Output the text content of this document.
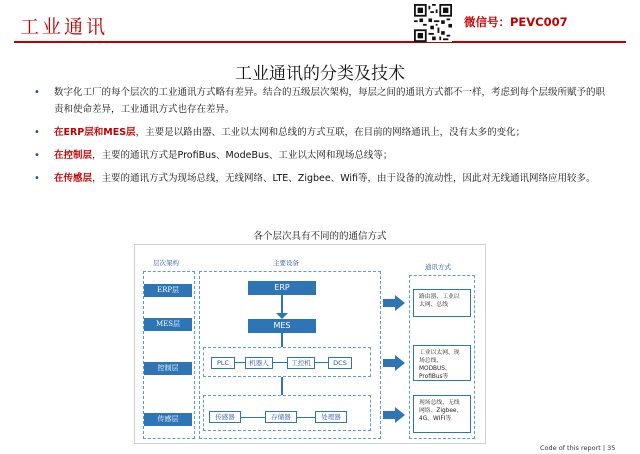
工业通讯	微信号：PEVC007
工业通讯的分类及技术
• 数字化工厂的每个层次的工业通讯方式略有差异。结合的五级层次架构，每层之间的通讯方式都不一样，考虑到每个层级所赋予的职责和使命差异，工业通讯方式也存在差异。
• 在ERP层和MES层，主要是以路由器、工业以太网和总线的方式互联，在目前的网络通讯上，没有太多的变化；
• 在控制层，主要的通讯方式是ProfiBus、ModeBus、工业以太网和现场总线等；
• 在传感层，主要的通讯方式为现场总线，无线网络、LTE、Zigbee、Wifi等，由于设备的流动性，因此对无线通讯网络应用较多。
各个层次具有不同的的通信方式
层次架构	主要设备	通讯方式
ERP层
MES层
控制层
传感层
ERP
MES
PLC	机器人	工控机	DCS
传感器	存储器	处理器
路由器、工业以太网、总线
工业以太网、现场总线、MODBUS、ProfiBus等
现场总线、无线网络、Zigbee、4G、WIFI等
Code of this report | 35
